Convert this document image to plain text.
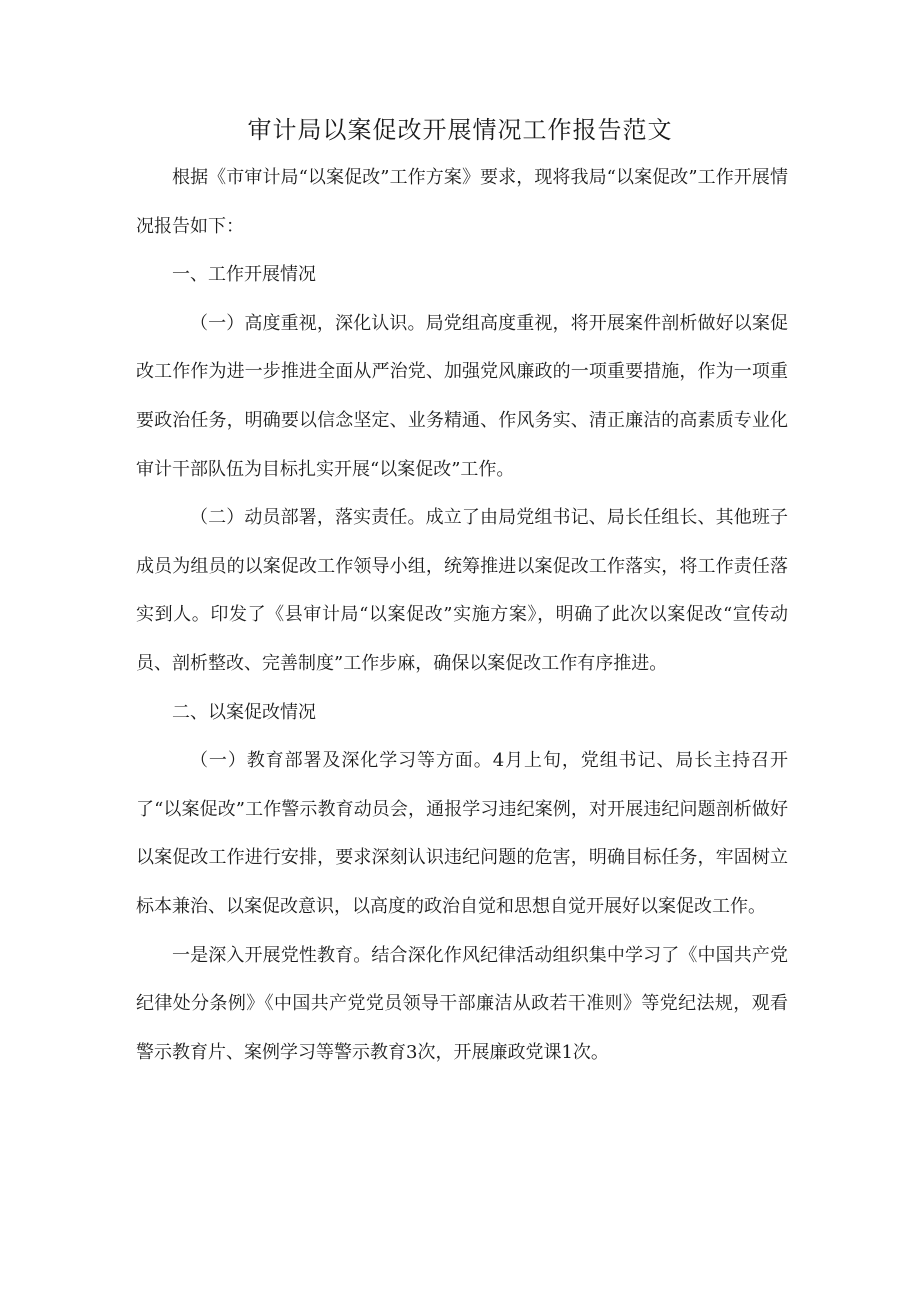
审计局以案促改开展情况工作报告范文

根据《市审计局“以案促改”工作方案》要求，现将我局“以案促改”工作开展情况报告如下：

一、工作开展情况

（一）高度重视，深化认识。局党组高度重视，将开展案件剖析做好以案促改工作作为进一步推进全面从严治党、加强党风廉政的一项重要措施，作为一项重要政治任务，明确要以信念坚定、业务精通、作风务实、清正廉洁的高素质专业化审计干部队伍为目标扎实开展“以案促改”工作。

（二）动员部署，落实责任。成立了由局党组书记、局长任组长、其他班子成员为组员的以案促改工作领导小组，统筹推进以案促改工作落实，将工作责任落实到人。印发了《县审计局“以案促改”实施方案》，明确了此次以案促改“宣传动员、剖析整改、完善制度”工作步麻，确保以案促改工作有序推进。

二、以案促改情况

（一）教育部署及深化学习等方面。4月上旬，党组书记、局长主持召开了“以案促改”工作警示教育动员会，通报学习违纪案例，对开展违纪问题剖析做好以案促改工作进行安排，要求深刻认识违纪问题的危害，明确目标任务，牢固树立标本兼治、以案促改意识，以高度的政治自觉和思想自觉开展好以案促改工作。

一是深入开展党性教育。结合深化作风纪律活动组织集中学习了《中国共产党纪律处分条例》《中国共产党党员领导干部廉洁从政若干准则》等党纪法规，观看警示教育片、案例学习等警示教育3次，开展廉政党课1次。
